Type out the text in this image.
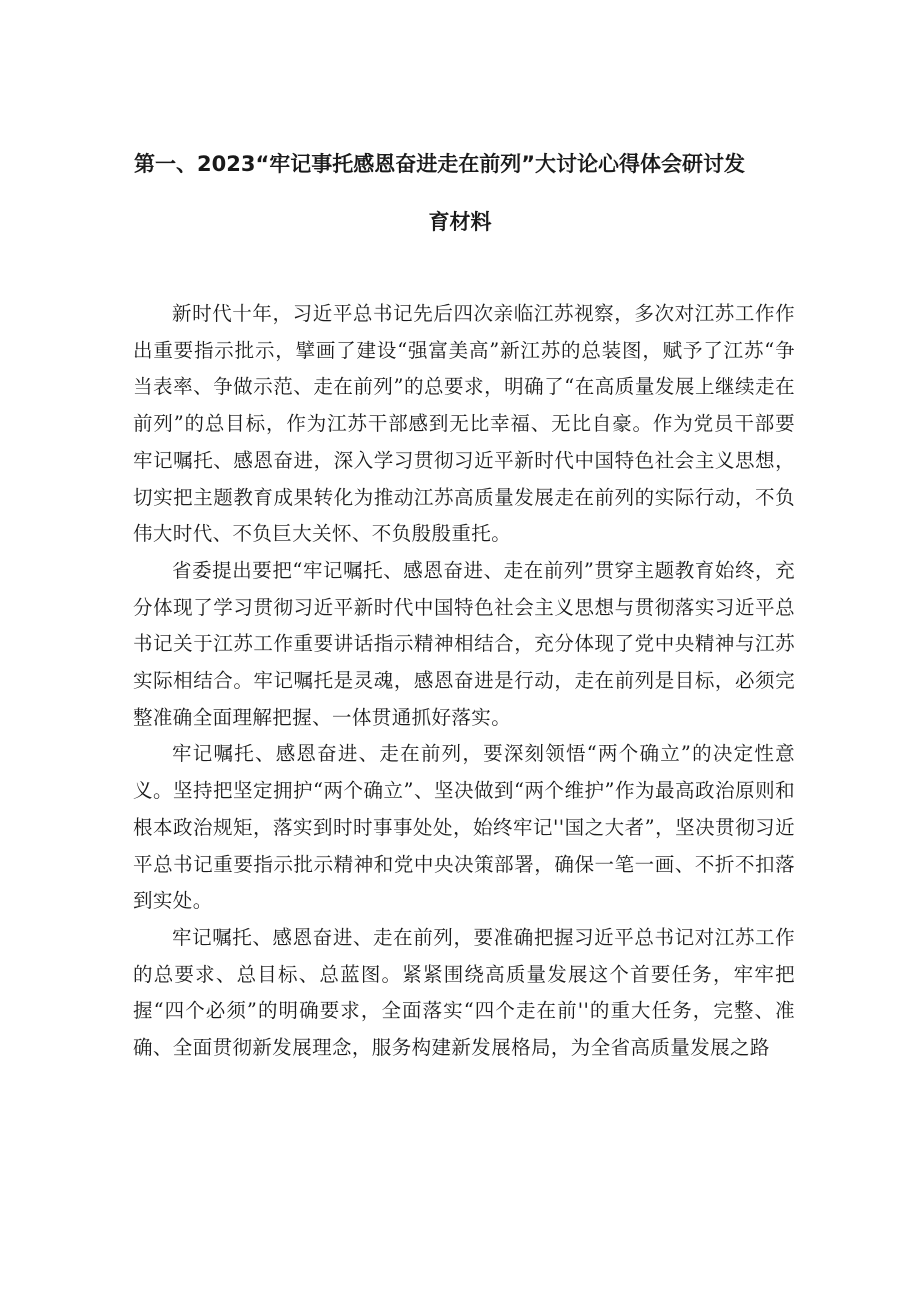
第一、2023“牢记事托感恩奋进走在前列”大讨论心得体会研讨发
育材料

新时代十年，习近平总书记先后四次亲临江苏视察，多次对江苏工作作出重要指示批示，擘画了建设“强富美高”新江苏的总装图，赋予了江苏“争当表率、争做示范、走在前列”的总要求，明确了“在高质量发展上继续走在前列”的总目标，作为江苏干部感到无比幸福、无比自豪。作为党员干部要牢记嘱托、感恩奋进，深入学习贯彻习近平新时代中国特色社会主义思想，切实把主题教育成果转化为推动江苏高质量发展走在前列的实际行动，不负伟大时代、不负巨大关怀、不负殷殷重托。

省委提出要把“牢记嘱托、感恩奋进、走在前列”贯穿主题教育始终，充分体现了学习贯彻习近平新时代中国特色社会主义思想与贯彻落实习近平总书记关于江苏工作重要讲话指示精神相结合，充分体现了党中央精神与江苏实际相结合。牢记嘱托是灵魂，感恩奋进是行动，走在前列是目标，必须完整准确全面理解把握、一体贯通抓好落实。

牢记嘱托、感恩奋进、走在前列，要深刻领悟“两个确立”的决定性意义。坚持把坚定拥护“两个确立”、坚决做到“两个维护”作为最高政治原则和根本政治规矩，落实到时时事事处处，始终牢记''国之大者”，坚决贯彻习近平总书记重要指示批示精神和党中央决策部署，确保一笔一画、不折不扣落到实处。

牢记嘱托、感恩奋进、走在前列，要准确把握习近平总书记对江苏工作的总要求、总目标、总蓝图。紧紧围绕高质量发展这个首要任务，牢牢把握“四个必须”的明确要求，全面落实“四个走在前''的重大任务，完整、准确、全面贯彻新发展理念，服务构建新发展格局，为全省高质量发展之路
